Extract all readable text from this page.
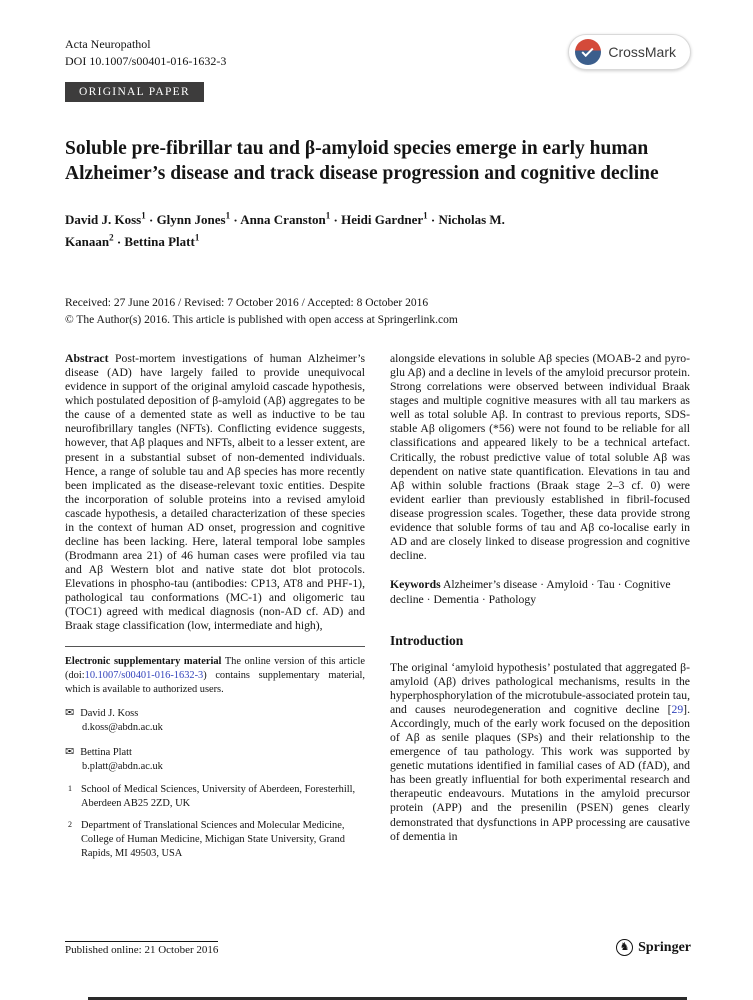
Acta Neuropathol
DOI 10.1007/s00401-016-1632-3
CrossMark
ORIGINAL PAPER
Soluble pre-fibrillar tau and β-amyloid species emerge in early human Alzheimer’s disease and track disease progression and cognitive decline
David J. Koss$^1$ · Glynn Jones$^1$ · Anna Cranston$^1$ · Heidi Gardner$^1$ · Nicholas M. Kanaan$^2$ · Bettina Platt$^1$
Received: 27 June 2016 / Revised: 7 October 2016 / Accepted: 8 October 2016
© The Author(s) 2016. This article is published with open access at Springerlink.com

Abstract Post-mortem investigations of human Alzheimer’s disease (AD) have largely failed to provide unequivocal evidence in support of the original amyloid cascade hypothesis, which postulated deposition of β-amyloid (Aβ) aggregates to be the cause of a demented state as well as inductive to be tau neurofibrillary tangles (NFTs). Conflicting evidence suggests, however, that Aβ plaques and NFTs, albeit to a lesser extent, are present in a substantial subset of non-demented individuals. Hence, a range of soluble tau and Aβ species has more recently been implicated as the disease-relevant toxic entities. Despite the incorporation of soluble proteins into a revised amyloid cascade hypothesis, a detailed characterization of these species in the context of human AD onset, progression and cognitive decline has been lacking. Here, lateral temporal lobe samples (Brodmann area 21) of 46 human cases were profiled via tau and Aβ Western blot and native state dot blot protocols. Elevations in phospho-tau (antibodies: CP13, AT8 and PHF-1), pathological tau conformations (MC-1) and oligomeric tau (TOC1) agreed with medical diagnosis (non-AD cf. AD) and Braak stage classification (low, intermediate and high),

Electronic supplementary material The online version of this article (doi:10.1007/s00401-016-1632-3) contains supplementary material, which is available to authorized users.

✉ David J. Koss
d.koss@abdn.ac.uk
✉ Bettina Platt
b.platt@abdn.ac.uk
1 School of Medical Sciences, University of Aberdeen, Foresterhill, Aberdeen AB25 2ZD, UK
2 Department of Translational Sciences and Molecular Medicine, College of Human Medicine, Michigan State University, Grand Rapids, MI 49503, USA

alongside elevations in soluble Aβ species (MOAB-2 and pyro-glu Aβ) and a decline in levels of the amyloid precursor protein. Strong correlations were observed between individual Braak stages and multiple cognitive measures with all tau markers as well as total soluble Aβ. In contrast to previous reports, SDS-stable Aβ oligomers (*56) were not found to be reliable for all classifications and appeared likely to be a technical artefact. Critically, the robust predictive value of total soluble Aβ was dependent on native state quantification. Elevations in tau and Aβ within soluble fractions (Braak stage 2–3 cf. 0) were evident earlier than previously established in fibril-focused disease progression scales. Together, these data provide strong evidence that soluble forms of tau and Aβ co-localise early in AD and are closely linked to disease progression and cognitive decline.

Keywords Alzheimer’s disease · Amyloid · Tau · Cognitive decline · Dementia · Pathology

Introduction

The original ‘amyloid hypothesis’ postulated that aggregated β-amyloid (Aβ) drives pathological mechanisms, results in the hyperphosphorylation of the microtubule-associated protein tau, and causes neurodegeneration and cognitive decline [29]. Accordingly, much of the early work focused on the deposition of Aβ as senile plaques (SPs) and their relationship to the emergence of tau pathology. This work was supported by genetic mutations identified in familial cases of AD (fAD), and has been greatly influential for both experimental research and therapeutic endeavours. Mutations in the amyloid precursor protein (APP) and the presenilin (PSEN) genes clearly demonstrated that dysfunctions in APP processing are causative of dementia in

Published online: 21 October 2016	♞ Springer
